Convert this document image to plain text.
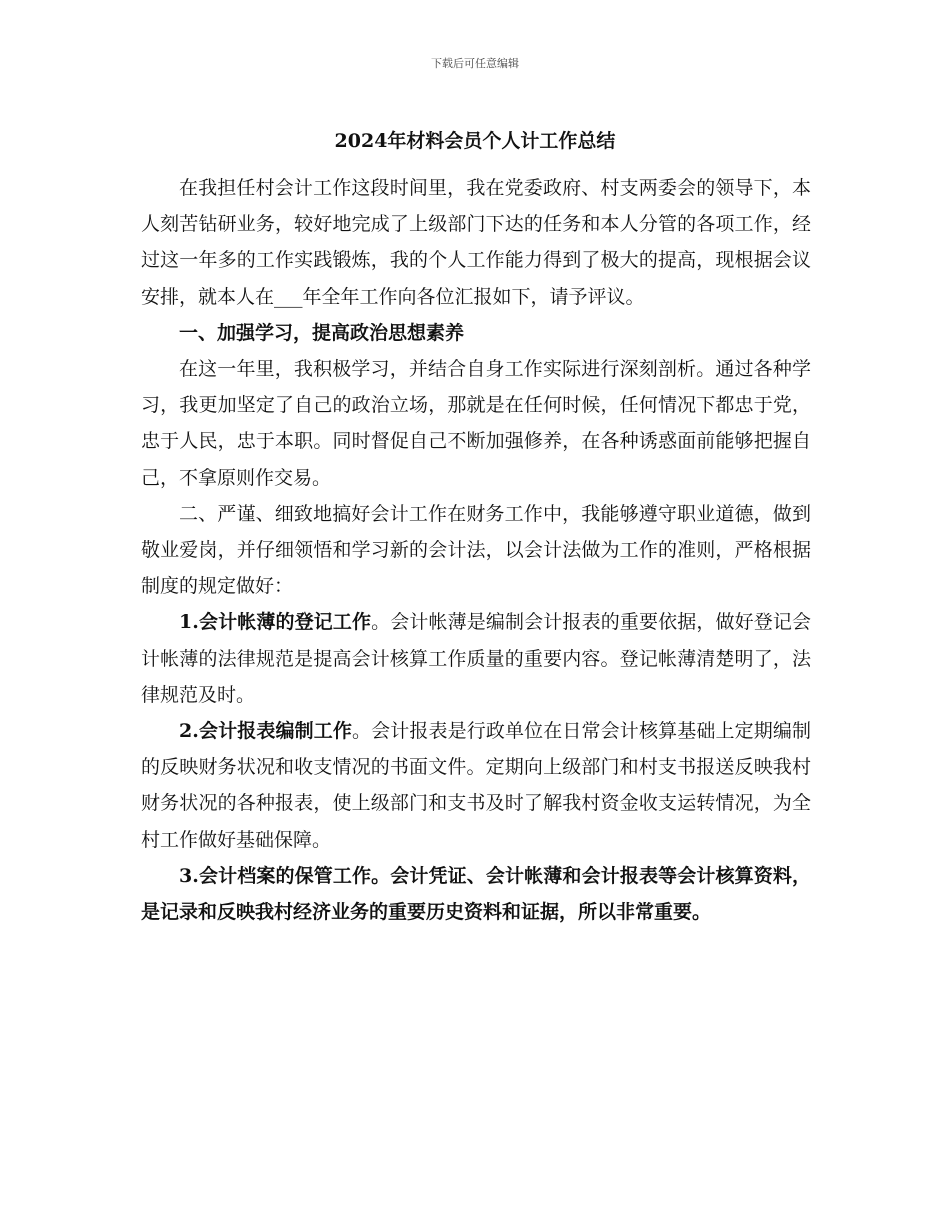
下载后可任意编辑
2024年材料会员个人计工作总结

在我担任村会计工作这段时间里，我在党委政府、村支两委会的领导下，本人刻苦钻研业务，较好地完成了上级部门下达的任务和本人分管的各项工作，经过这一年多的工作实践锻炼，我的个人工作能力得到了极大的提高，现根据会议安排，就本人在___年全年工作向各位汇报如下，请予评议。

一、加强学习，提高政治思想素养

在这一年里，我积极学习，并结合自身工作实际进行深刻剖析。通过各种学习，我更加坚定了自己的政治立场，那就是在任何时候，任何情况下都忠于党，忠于人民，忠于本职。同时督促自己不断加强修养，在各种诱惑面前能够把握自己，不拿原则作交易。

二、严谨、细致地搞好会计工作在财务工作中，我能够遵守职业道德，做到敬业爱岗，并仔细领悟和学习新的会计法，以会计法做为工作的准则，严格根据制度的规定做好：

1.会计帐薄的登记工作。会计帐薄是编制会计报表的重要依据，做好登记会计帐薄的法律规范是提高会计核算工作质量的重要内容。登记帐薄清楚明了，法律规范及时。

2.会计报表编制工作。会计报表是行政单位在日常会计核算基础上定期编制的反映财务状况和收支情况的书面文件。定期向上级部门和村支书报送反映我村财务状况的各种报表，使上级部门和支书及时了解我村资金收支运转情况，为全村工作做好基础保障。

3.会计档案的保管工作。会计凭证、会计帐薄和会计报表等会计核算资料，是记录和反映我村经济业务的重要历史资料和证据，所以非常重要。
